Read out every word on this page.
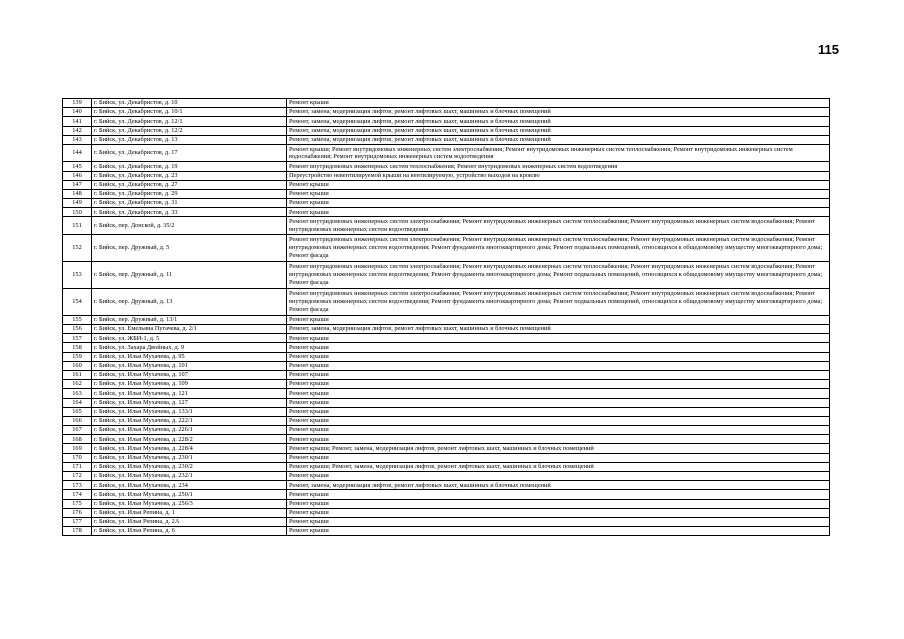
115
139	г. Бийск, ул. Декабристов, д. 10	Ремонт крыши
140	г. Бийск, ул. Декабристов, д. 10/1	Ремонт, замена, модернизация лифтов, ремонт лифтовых шахт, машинных и блочных помещений
141	г. Бийск, ул. Декабристов, д. 12/1	Ремонт, замена, модернизация лифтов, ремонт лифтовых шахт, машинных и блочных помещений
142	г. Бийск, ул. Декабристов, д. 12/2	Ремонт, замена, модернизация лифтов, ремонт лифтовых шахт, машинных и блочных помещений
143	г. Бийск, ул. Декабристов, д. 13	Ремонт, замена, модернизация лифтов, ремонт лифтовых шахт, машинных и блочных помещений
144	г. Бийск, ул. Декабристов, д. 17	Ремонт крыши; Ремонт внутридомовых инженерных систем электроснабжения; Ремонт внутридомовых инженерных систем теплоснабжения; Ремонт внутридомовых инженерных систем водоснабжения; Ремонт внутридомовых инженерных систем водоотведения
145	г. Бийск, ул. Декабристов, д. 19	Ремонт внутридомовых инженерных систем теплоснабжения; Ремонт внутридомовых инженерных систем водоотведения
146	г. Бийск, ул. Декабристов, д. 23	Переустройство невентилируемой крыши на вентилируемую, устройство выходов на кровлю
147	г. Бийск, ул. Декабристов, д. 27	Ремонт крыши
148	г. Бийск, ул. Декабристов, д. 29	Ремонт крыши
149	г. Бийск, ул. Декабристов, д. 31	Ремонт крыши
150	г. Бийск, ул. Декабристов, д. 33	Ремонт крыши
151	г. Бийск, пер. Донской, д. 35/2	Ремонт внутридомовых инженерных систем электроснабжения; Ремонт внутридомовых инженерных систем теплоснабжения; Ремонт внутридомовых инженерных систем водоснабжения; Ремонт внутридомовых инженерных систем водоотведения
152	г. Бийск, пер. Дружный, д. 5	Ремонт внутридомовых инженерных систем электроснабжения; Ремонт внутридомовых инженерных систем теплоснабжения; Ремонт внутридомовых инженерных систем водоснабжения; Ремонт внутридомовых инженерных систем водоотведения; Ремонт фундамента многоквартирного дома; Ремонт подвальных помещений, относящихся к общедомовому имуществу многоквартирного дома; Ремонт фасада
153	г. Бийск, пер. Дружный, д. 11	Ремонт внутридомовых инженерных систем электроснабжения; Ремонт внутридомовых инженерных систем теплоснабжения; Ремонт внутридомовых инженерных систем водоснабжения; Ремонт внутридомовых инженерных систем водоотведения; Ремонт фундамента многоквартирного дома; Ремонт подвальных помещений, относящихся к общедомовому имуществу многоквартирного дома; Ремонт фасада
154	г. Бийск, пер. Дружный, д. 13	Ремонт внутридомовых инженерных систем электроснабжения; Ремонт внутридомовых инженерных систем теплоснабжения; Ремонт внутридомовых инженерных систем водоснабжения; Ремонт внутридомовых инженерных систем водоотведения; Ремонт фундамента многоквартирного дома; Ремонт подвальных помещений, относящихся к общедомовому имуществу многоквартирного дома; Ремонт фасада
155	г. Бийск, пер. Дружный, д. 13/1	Ремонт крыши
156	г. Бийск, ул. Емельяна Пугачева, д. 2/1	Ремонт, замена, модернизация лифтов, ремонт лифтовых шахт, машинных и блочных помещений
157	г. Бийск, ул. ЖБИ-1, д. 5	Ремонт крыши
158	г. Бийск, ул. Захара Двойных, д. 9	Ремонт крыши
159	г. Бийск, ул. Ильи Мухачева, д. 95	Ремонт крыши
160	г. Бийск, ул. Ильи Мухачева, д. 101	Ремонт крыши
161	г. Бийск, ул. Ильи Мухачева, д. 107	Ремонт крыши
162	г. Бийск, ул. Ильи Мухачева, д. 109	Ремонт крыши
163	г. Бийск, ул. Ильи Мухачева, д. 121	Ремонт крыши
164	г. Бийск, ул. Ильи Мухачева, д. 127	Ремонт крыши
165	г. Бийск, ул. Ильи Мухачева, д. 133/1	Ремонт крыши
166	г. Бийск, ул. Ильи Мухачева, д. 222/1	Ремонт крыши
167	г. Бийск, ул. Ильи Мухачева, д. 226/1	Ремонт крыши
168	г. Бийск, ул. Ильи Мухачева, д. 228/2	Ремонт крыши
169	г. Бийск, ул. Ильи Мухачева, д. 228/4	Ремонт крыши; Ремонт, замена, модернизация лифтов, ремонт лифтовых шахт, машинных и блочных помещений
170	г. Бийск, ул. Ильи Мухачева, д. 230/1	Ремонт крыши
171	г. Бийск, ул. Ильи Мухачева, д. 230/2	Ремонт крыши; Ремонт, замена, модернизация лифтов, ремонт лифтовых шахт, машинных и блочных помещений
172	г. Бийск, ул. Ильи Мухачева, д. 232/1	Ремонт крыши
173	г. Бийск, ул. Ильи Мухачева, д. 234	Ремонт, замена, модернизация лифтов, ремонт лифтовых шахт, машинных и блочных помещений
174	г. Бийск, ул. Ильи Мухачева, д. 250/1	Ремонт крыши
175	г. Бийск, ул. Ильи Мухачева, д. 256/3	Ремонт крыши
176	г. Бийск, ул. Ильи Репина, д. 1	Ремонт крыши
177	г. Бийск, ул. Ильи Репина, д. 2А	Ремонт крыши
178	г. Бийск, ул. Ильи Репина, д. 6	Ремонт крыши
